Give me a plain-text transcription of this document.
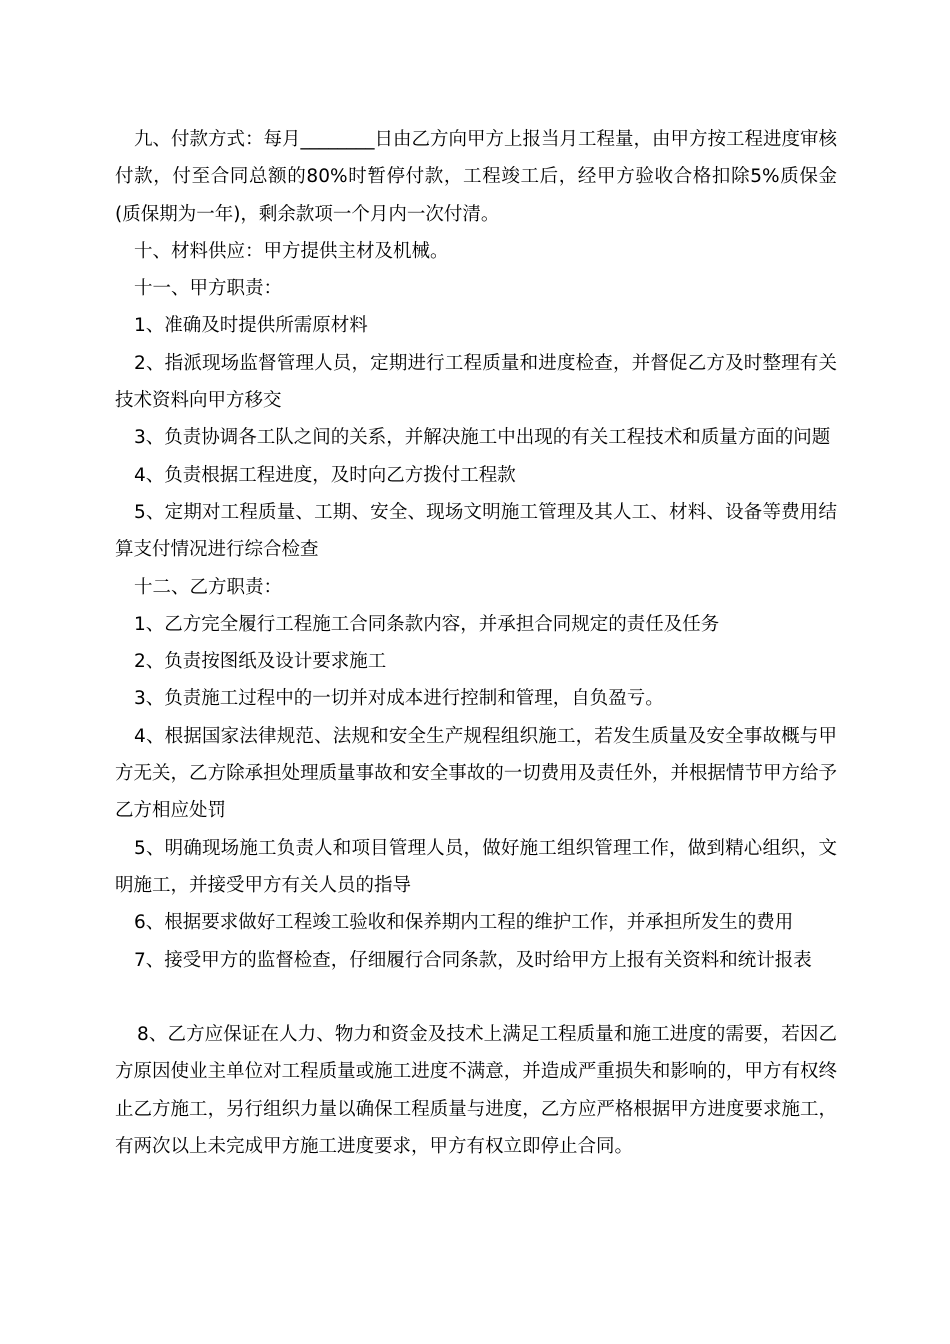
九、付款方式：每月________日由乙方向甲方上报当月工程量，由甲方按工程进度审核付款，付至合同总额的80%时暂停付款，工程竣工后，经甲方验收合格扣除5%质保金(质保期为一年)，剩余款项一个月内一次付清。

十、材料供应：甲方提供主材及机械。

十一、甲方职责：

1、准确及时提供所需原材料

2、指派现场监督管理人员，定期进行工程质量和进度检查，并督促乙方及时整理有关技术资料向甲方移交

3、负责协调各工队之间的关系，并解决施工中出现的有关工程技术和质量方面的问题

4、负责根据工程进度，及时向乙方拨付工程款

5、定期对工程质量、工期、安全、现场文明施工管理及其人工、材料、设备等费用结算支付情况进行综合检查

十二、乙方职责：

1、乙方完全履行工程施工合同条款内容，并承担合同规定的责任及任务

2、负责按图纸及设计要求施工

3、负责施工过程中的一切并对成本进行控制和管理，自负盈亏。

4、根据国家法律规范、法规和安全生产规程组织施工，若发生质量及安全事故概与甲方无关，乙方除承担处理质量事故和安全事故的一切费用及责任外，并根据情节甲方给予乙方相应处罚

5、明确现场施工负责人和项目管理人员，做好施工组织管理工作，做到精心组织，文明施工，并接受甲方有关人员的指导

6、根据要求做好工程竣工验收和保养期内工程的维护工作，并承担所发生的费用

7、接受甲方的监督检查，仔细履行合同条款，及时给甲方上报有关资料和统计报表

8、乙方应保证在人力、物力和资金及技术上满足工程质量和施工进度的需要，若因乙方原因使业主单位对工程质量或施工进度不满意，并造成严重损失和影响的，甲方有权终止乙方施工，另行组织力量以确保工程质量与进度，乙方应严格根据甲方进度要求施工，有两次以上未完成甲方施工进度要求，甲方有权立即停止合同。
